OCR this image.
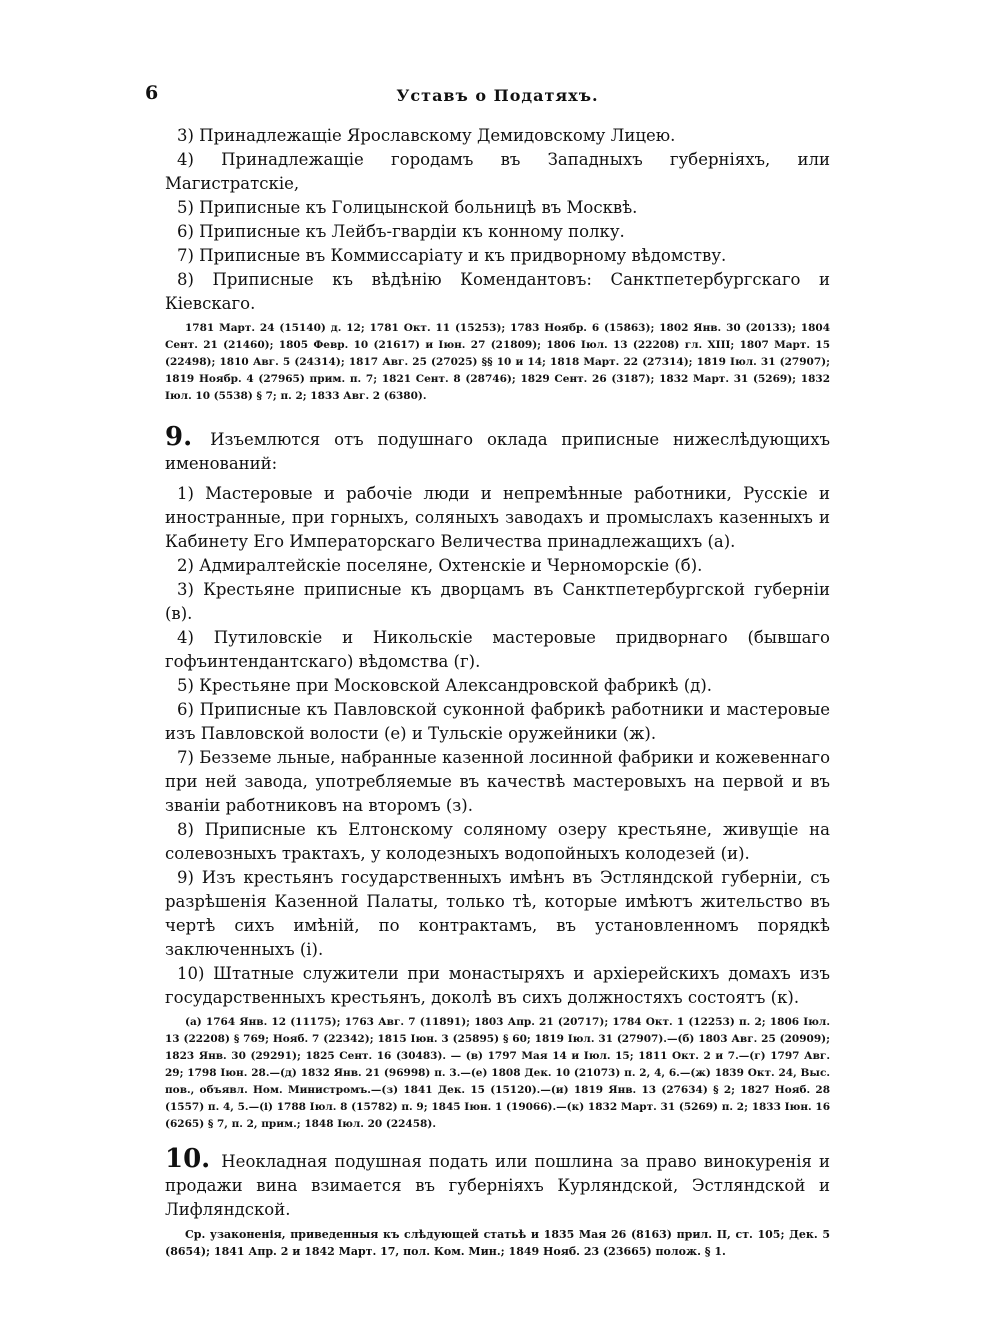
6	Уставъ о Податяхъ.

3) Принадлежащіе Ярославскому Демидовскому Лицею.

4) Принадлежащіе городамъ въ Западныхъ губерніяхъ, или Магистратскіе,

5) Приписные къ Голицынской больницѣ въ Москвѣ.

6) Приписные къ Лейбъ-гвардіи къ конному полку.

7) Приписные въ Коммиссаріату и къ придворному вѣдомству.

8) Приписные къ вѣдѣнію Комендантовъ: Санктпетербургскаго и Кіевскаго.

1781 Март. 24 (15140) д. 12; 1781 Окт. 11 (15253); 1783 Ноябр. 6 (15863); 1802 Янв. 30 (20133); 1804 Сент. 21 (21460); 1805 Февр. 10 (21617) и Іюн. 27 (21809); 1806 Іюл. 13 (22208) гл. XIII; 1807 Март. 15 (22498); 1810 Авг. 5 (24314); 1817 Авг. 25 (27025) §§ 10 и 14; 1818 Март. 22 (27314); 1819 Іюл. 31 (27907); 1819 Ноябр. 4 (27965) прим. п. 7; 1821 Сент. 8 (28746); 1829 Сент. 26 (3187); 1832 Март. 31 (5269); 1832 Іюл. 10 (5538) § 7; п. 2; 1833 Авг. 2 (6380).

9. Изъемлются отъ подушнаго оклада приписные нижеслѣдующихъ именований:

1) Мастеровые и рабочіе люди и непремѣнные работники, Русскіе и иностранные, при горныхъ, соляныхъ заводахъ и промыслахъ казенныхъ и Кабинету Его Императорскаго Величества принадлежащихъ (а).

2) Адмиралтейскіе поселяне, Охтенскіе и Черноморскіе (б).

3) Крестьяне приписные къ дворцамъ въ Санктпетербургской губерніи (в).

4) Путиловскіе и Никольскіе мастеровые придворнаго (бывшаго гофъинтендантскаго) вѣдомства (г).

5) Крестьяне при Московской Александровской фабрикѣ (д).

6) Приписные къ Павловской суконной фабрикѣ работники и мастеровые изъ Павловской волости (е) и Тульскіе оружейники (ж).

7) Безземе льные, набранные казенной лосинной фабрики и кожевеннаго при ней завода, употребляемые въ качествѣ мастеровыхъ на первой и въ званіи работниковъ на второмъ (з).

8) Приписные къ Елтонскому соляному озеру крестьяне, живущіе на солевозныхъ трактахъ, у колодезныхъ водопойныхъ колодезей (и).

9) Изъ крестьянъ государственныхъ имѣнъ въ Эстляндской губерніи, съ разрѣшенія Казенной Палаты, только тѣ, которые имѣютъ жительство въ чертѣ сихъ имѣній, по контрактамъ, въ установленномъ порядкѣ заключенныхъ (і).

10) Штатные служители при монастыряхъ и архіерейскихъ домахъ изъ государственныхъ крестьянъ, доколѣ въ сихъ должностяхъ состоятъ (к).

(а) 1764 Янв. 12 (11175); 1763 Авг. 7 (11891); 1803 Апр. 21 (20717); 1784 Окт. 1 (12253) п. 2; 1806 Іюл. 13 (22208) § 769; Нояб. 7 (22342); 1815 Іюн. 3 (25895) § 60; 1819 Іюл. 31 (27907).—(б) 1803 Авг. 25 (20909); 1823 Янв. 30 (29291); 1825 Сент. 16 (30483). — (в) 1797 Мая 14 и Іюл. 15; 1811 Окт. 2 и 7.—(г) 1797 Авг. 29; 1798 Іюн. 28.—(д) 1832 Янв. 21 (96998) п. 3.—(е) 1808 Дек. 10 (21073) п. 2, 4, 6.—(ж) 1839 Окт. 24, Выс. пов., объявл. Ном. Министромъ.—(з) 1841 Дек. 15 (15120).—(и) 1819 Янв. 13 (27634) § 2; 1827 Нояб. 28 (1557) п. 4, 5.—(і) 1788 Іюл. 8 (15782) п. 9; 1845 Іюн. 1 (19066).—(к) 1832 Март. 31 (5269) п. 2; 1833 Іюн. 16 (6265) § 7, п. 2, прим.; 1848 Іюл. 20 (22458).

10. Неокладная подушная подать или пошлина за право винокуренія и продажи вина взимается въ губерніяхъ Курляндской, Эстляндской и Лифляндской.

Ср. узаконенія, приведенныя къ слѣдующей статьѣ и 1835 Мая 26 (8163) прил. II, ст. 105; Дек. 5 (8654); 1841 Апр. 2 и 1842 Март. 17, пол. Ком. Мин.; 1849 Нояб. 23 (23665) полож. § 1.
